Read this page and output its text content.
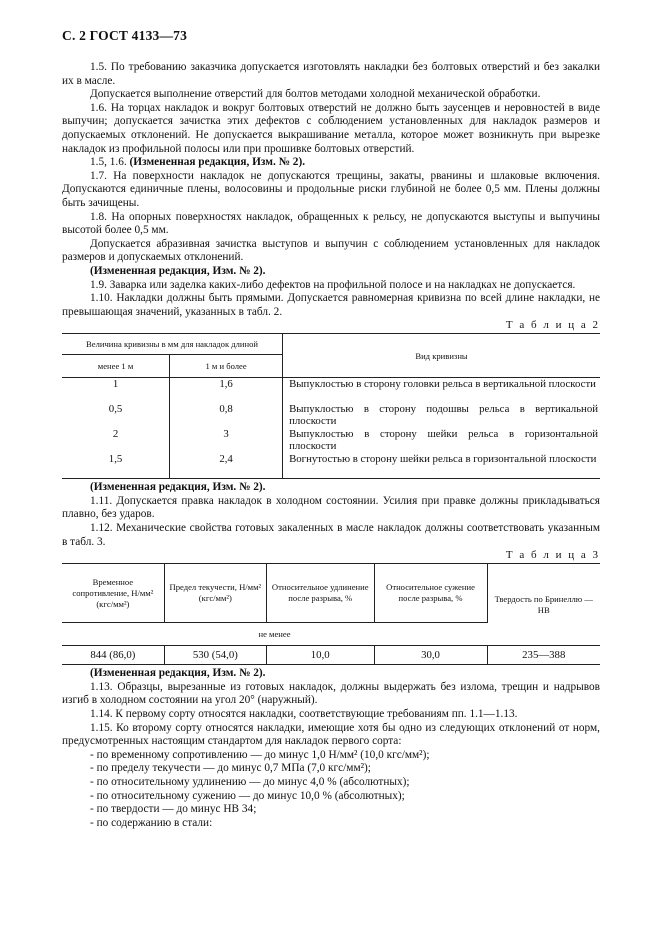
С. 2 ГОСТ 4133—73

1.5. По требованию заказчика допускается изготовлять накладки без болтовых отверстий и без закалки их в масле.

Допускается выполнение отверстий для болтов методами холодной механической обработки.

1.6. На торцах накладок и вокруг болтовых отверстий не должно быть заусенцев и неровностей в виде выпучин; допускается зачистка этих дефектов с соблюдением установленных для накладок размеров и допускаемых отклонений. Не допускается выкрашивание металла, которое может возникнуть при вырезке накладок из профильной полосы или при прошивке болтовых отверстий.

1.5, 1.6. (Измененная редакция, Изм. № 2).

1.7. На поверхности накладок не допускаются трещины, закаты, рванины и шлаковые включения. Допускаются единичные плены, волосовины и продольные риски глубиной не более 0,5 мм. Плены должны быть зачищены.

1.8. На опорных поверхностях накладок, обращенных к рельсу, не допускаются выступы и выпучины высотой более 0,5 мм.

Допускается абразивная зачистка выступов и выпучин с соблюдением установленных для накладок размеров и допускаемых отклонений.

(Измененная редакция, Изм. № 2).

1.9. Заварка или заделка каких-либо дефектов на профильной полосе и на накладках не допускается.

1.10. Накладки должны быть прямыми. Допускается равномерная кривизна по всей длине накладки, не превышающая значений, указанных в табл. 2.

Т а б л и ц а 2
Величина кривизны в мм для накладок длиной		Вид кривизны
менее 1 м	1 м и более	
1	1,6	Выпуклостью в сторону головки рельса в вертикальной плоскости
0,5	0,8	Выпуклостью в сторону подошвы рельса в вертикальной плоскости
2	3	Выпуклостью в сторону шейки рельса в горизонтальной плоскости
1,5	2,4	Вогнутостью в сторону шейки рельса в горизонтальной плоскости

(Измененная редакция, Изм. № 2).

1.11. Допускается правка накладок в холодном состоянии. Усилия при правке должны прикладываться плавно, без ударов.

1.12. Механические свойства готовых закаленных в масле накладок должны соответствовать указанным в табл. 3.

Т а б л и ц а 3
Временное сопротивление, Н/мм² (кгс/мм²)	Предел текучести, Н/мм² (кгс/мм²)	Относительное удлинение после разрыва, %	Относительное сужение после разрыва, %	Твердость по Бринеллю — НВ
не менее				
844 (86,0)	530 (54,0)	10,0	30,0	235—388

(Измененная редакция, Изм. № 2).

1.13. Образцы, вырезанные из готовых накладок, должны выдержать без излома, трещин и надрывов изгиб в холодном состоянии на угол 20° (наружный).

1.14. К первому сорту относятся накладки, соответствующие требованиям пп. 1.1—1.13.

1.15. Ко второму сорту относятся накладки, имеющие хотя бы одно из следующих отклонений от норм, предусмотренных настоящим стандартом для накладок первого сорта:

- по временному сопротивлению — до минус 1,0 Н/мм² (10,0 кгс/мм²);

- по пределу текучести — до минус 0,7 МПа (7,0 кгс/мм²);

- по относительному удлинению — до минус 4,0 % (абсолютных);

- по относительному сужению — до минус 10,0 % (абсолютных);

- по твердости — до минус НВ 34;

- по содержанию в стали:
